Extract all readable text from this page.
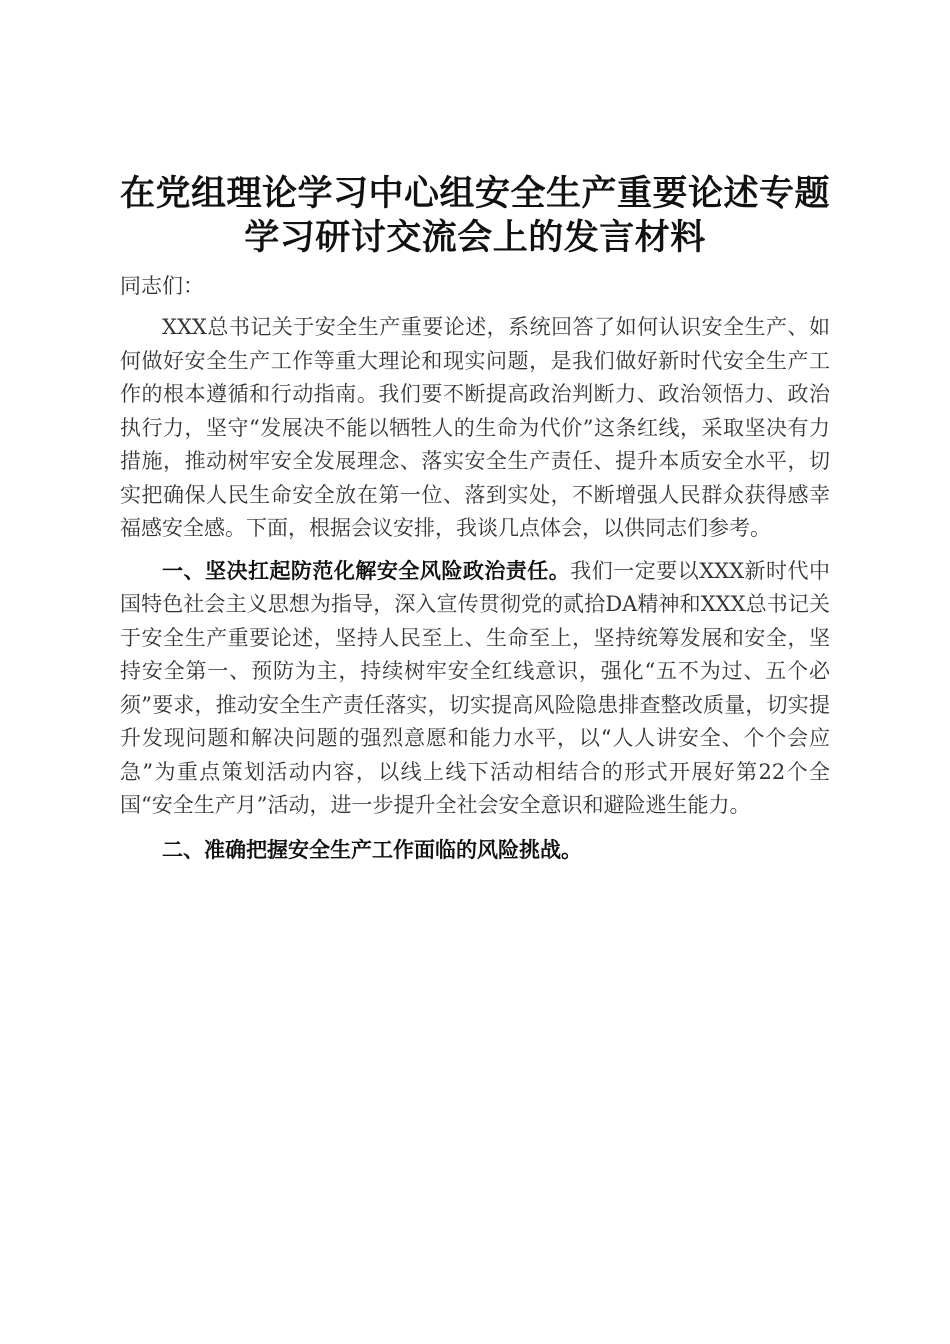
在党组理论学习中心组安全生产重要论述专题
学习研讨交流会上的发言材料

同志们：

XXX总书记关于安全生产重要论述，系统回答了如何认识安全生产、如何做好安全生产工作等重大理论和现实问题，是我们做好新时代安全生产工作的根本遵循和行动指南。我们要不断提高政治判断力、政治领悟力、政治执行力，坚守“发展决不能以牺牲人的生命为代价”这条红线，采取坚决有力措施，推动树牢安全发展理念、落实安全生产责任、提升本质安全水平，切实把确保人民生命安全放在第一位、落到实处，不断增强人民群众获得感幸福感安全感。下面，根据会议安排，我谈几点体会，以供同志们参考。

一、坚决扛起防范化解安全风险政治责任。我们一定要以XXX新时代中国特色社会主义思想为指导，深入宣传贯彻党的贰拾DA精神和XXX总书记关于安全生产重要论述，坚持人民至上、生命至上，坚持统筹发展和安全，坚持安全第一、预防为主，持续树牢安全红线意识，强化“五不为过、五个必须”要求，推动安全生产责任落实，切实提高风险隐患排查整改质量，切实提升发现问题和解决问题的强烈意愿和能力水平，以“人人讲安全、个个会应急”为重点策划活动内容，以线上线下活动相结合的形式开展好第22个全国“安全生产月”活动，进一步提升全社会安全意识和避险逃生能力。

二、准确把握安全生产工作面临的风险挑战。
